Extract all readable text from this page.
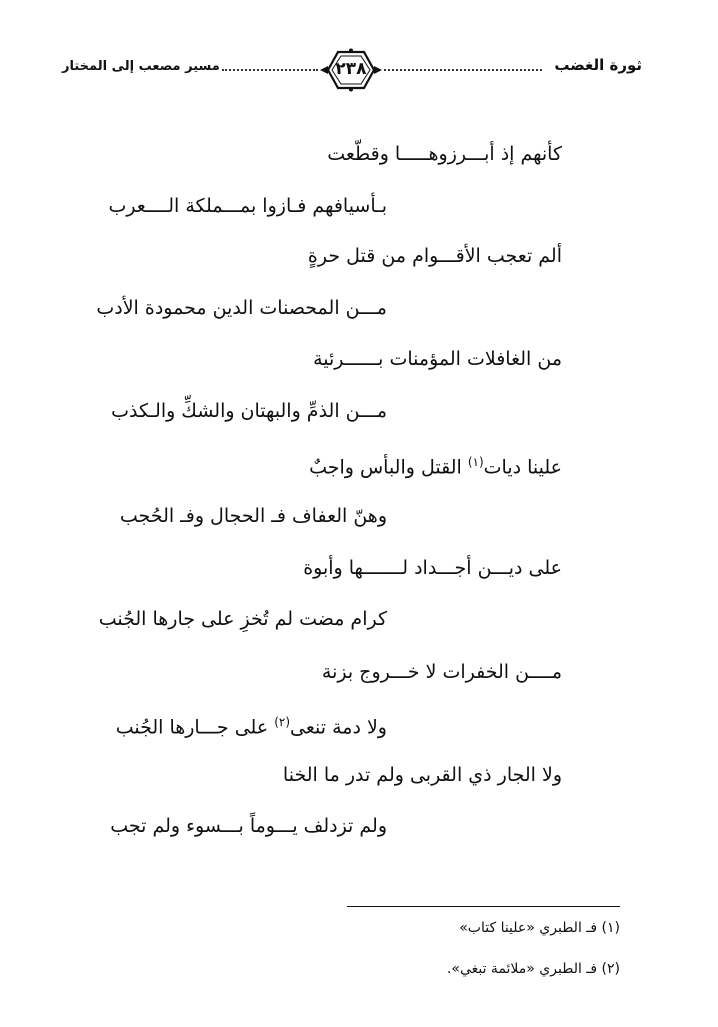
مسير مصعب إلى المختار	٢٣٨	ثورة الغضب
كأنهم إذ أبـــرزوهـــــا وقطّعت
بـأسيافهم فـازوا بمـــملكة الــــعرب
ألم تعجب الأقـــوام من قتل حرةٍ
مـــن المحصنات الدين محمودة الأدب
من الغافلات المؤمنات بــــــرئية
مـــن الذمِّ والبهتان والشكِّ والـكذب
علينا ديات$^{(١)}$ القتل والبأس واجبٌ
وهنّ العفاف فـ الحجال وفـ الحُجب
على ديـــن أجـــداد لـــــــها وأبوة
كرام مضت لم تُخزِ على جارها الجُنب
مــــن الخفرات لا خـــروج بزنة
ولا دمة تنعى$^{(٢)}$ على جـــارها الجُنب
ولا الجار ذي القربى ولم تدر ما الخنا
ولم تزدلف يـــوماً بـــسوء ولم تجب
(١) فـ الطبري «علينا كتاب»
(٢) فـ الطبري «ملائمة تبغي».
